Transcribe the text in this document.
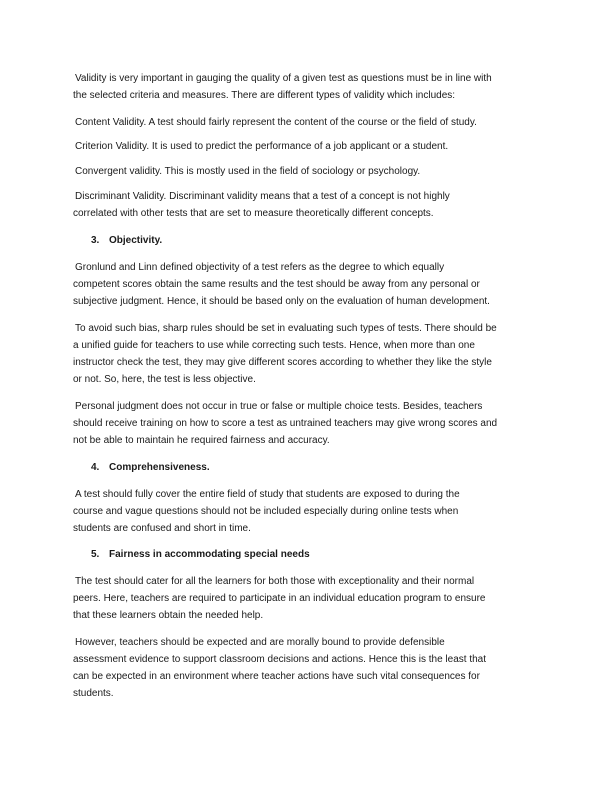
Validity is very important in gauging the quality of a given test as questions must be in line with
the selected criteria and measures. There are different types of validity which includes:
Content Validity. A test should fairly represent the content of the course or the field of study.
Criterion Validity. It is used to predict the performance of a job applicant or a student.
Convergent validity. This is mostly used in the field of sociology or psychology.
Discriminant Validity. Discriminant validity means that a test of a concept is not highly
correlated with other tests that are set to measure theoretically different concepts.
3. Objectivity.
Gronlund and Linn defined objectivity of a test refers as the degree to which equally
competent scores obtain the same results and the test should be away from any personal or
subjective judgment. Hence, it should be based only on the evaluation of human development.
To avoid such bias, sharp rules should be set in evaluating such types of tests. There should be
a unified guide for teachers to use while correcting such tests. Hence, when more than one
instructor check the test, they may give different scores according to whether they like the style
or not. So, here, the test is less objective.
Personal judgment does not occur in true or false or multiple choice tests. Besides, teachers
should receive training on how to score a test as untrained teachers may give wrong scores and
not be able to maintain he required fairness and accuracy.
4. Comprehensiveness.
A test should fully cover the entire field of study that students are exposed to during the
course and vague questions should not be included especially during online tests when
students are confused and short in time.
5. Fairness in accommodating special needs
The test should cater for all the learners for both those with exceptionality and their normal
peers. Here, teachers are required to participate in an individual education program to ensure
that these learners obtain the needed help.
However, teachers should be expected and are morally bound to provide defensible
assessment evidence to support classroom decisions and actions. Hence this is the least that
can be expected in an environment where teacher actions have such vital consequences for
students.
